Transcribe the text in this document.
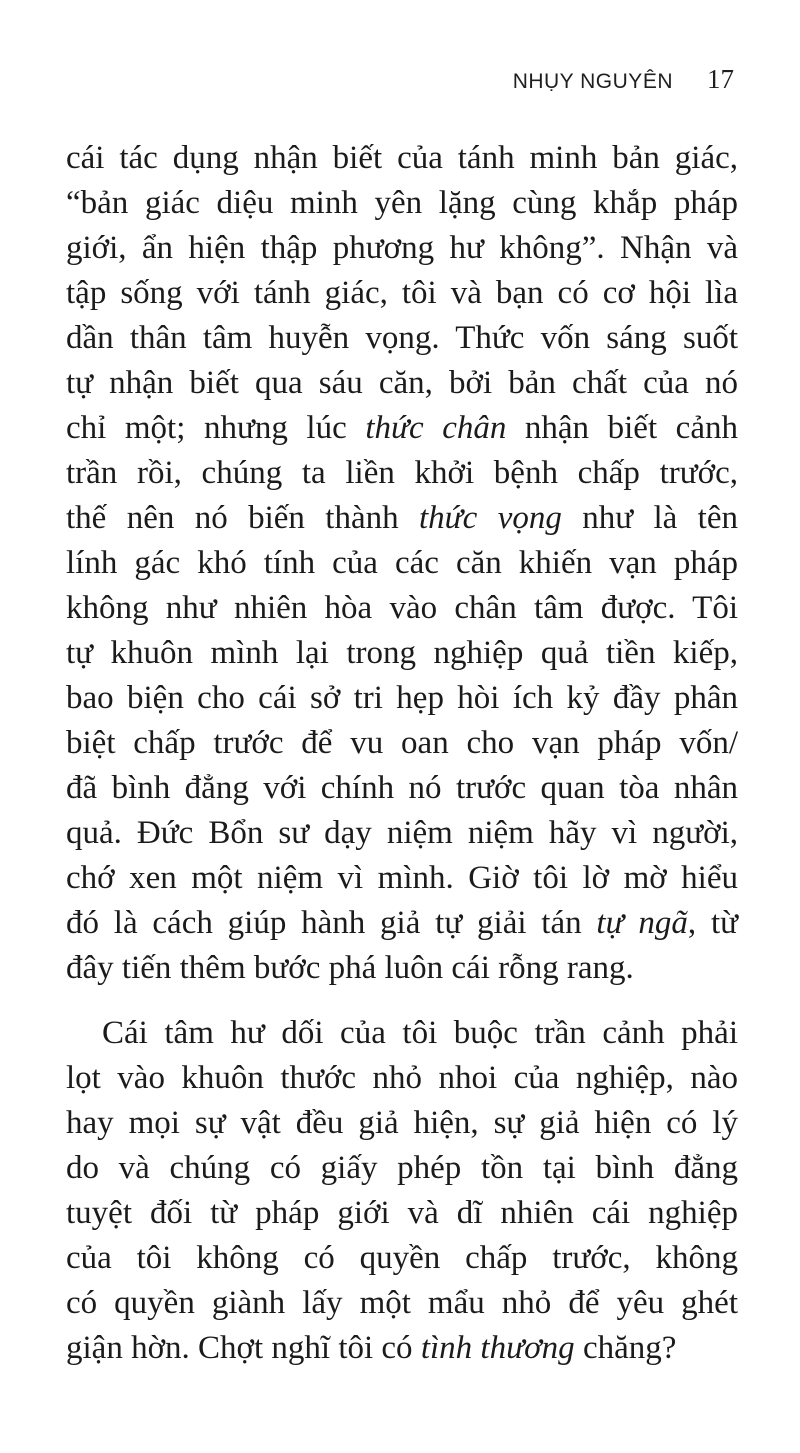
NHỤY NGUYÊN 17
cái tác dụng nhận biết của tánh minh bản giác,
“bản giác diệu minh yên lặng cùng khắp pháp
giới, ẩn hiện thập phương hư không”. Nhận và
tập sống với tánh giác, tôi và bạn có cơ hội lìa
dần thân tâm huyễn vọng. Thức vốn sáng suốt
tự nhận biết qua sáu căn, bởi bản chất của nó
chỉ một; nhưng lúc thức chân nhận biết cảnh
trần rồi, chúng ta liền khởi bệnh chấp trước,
thế nên nó biến thành thức vọng như là tên
lính gác khó tính của các căn khiến vạn pháp
không như nhiên hòa vào chân tâm được. Tôi
tự khuôn mình lại trong nghiệp quả tiền kiếp,
bao biện cho cái sở tri hẹp hòi ích kỷ đầy phân
biệt chấp trước để vu oan cho vạn pháp vốn/
đã bình đẳng với chính nó trước quan tòa nhân
quả. Đức Bổn sư dạy niệm niệm hãy vì người,
chớ xen một niệm vì mình. Giờ tôi lờ mờ hiểu
đó là cách giúp hành giả tự giải tán tự ngã, từ
đây tiến thêm bước phá luôn cái rỗng rang.
Cái tâm hư dối của tôi buộc trần cảnh phải
lọt vào khuôn thước nhỏ nhoi của nghiệp, nào
hay mọi sự vật đều giả hiện, sự giả hiện có lý
do và chúng có giấy phép tồn tại bình đẳng
tuyệt đối từ pháp giới và dĩ nhiên cái nghiệp
của tôi không có quyền chấp trước, không
có quyền giành lấy một mẩu nhỏ để yêu ghét
giận hờn. Chợt nghĩ tôi có tình thương chăng?
